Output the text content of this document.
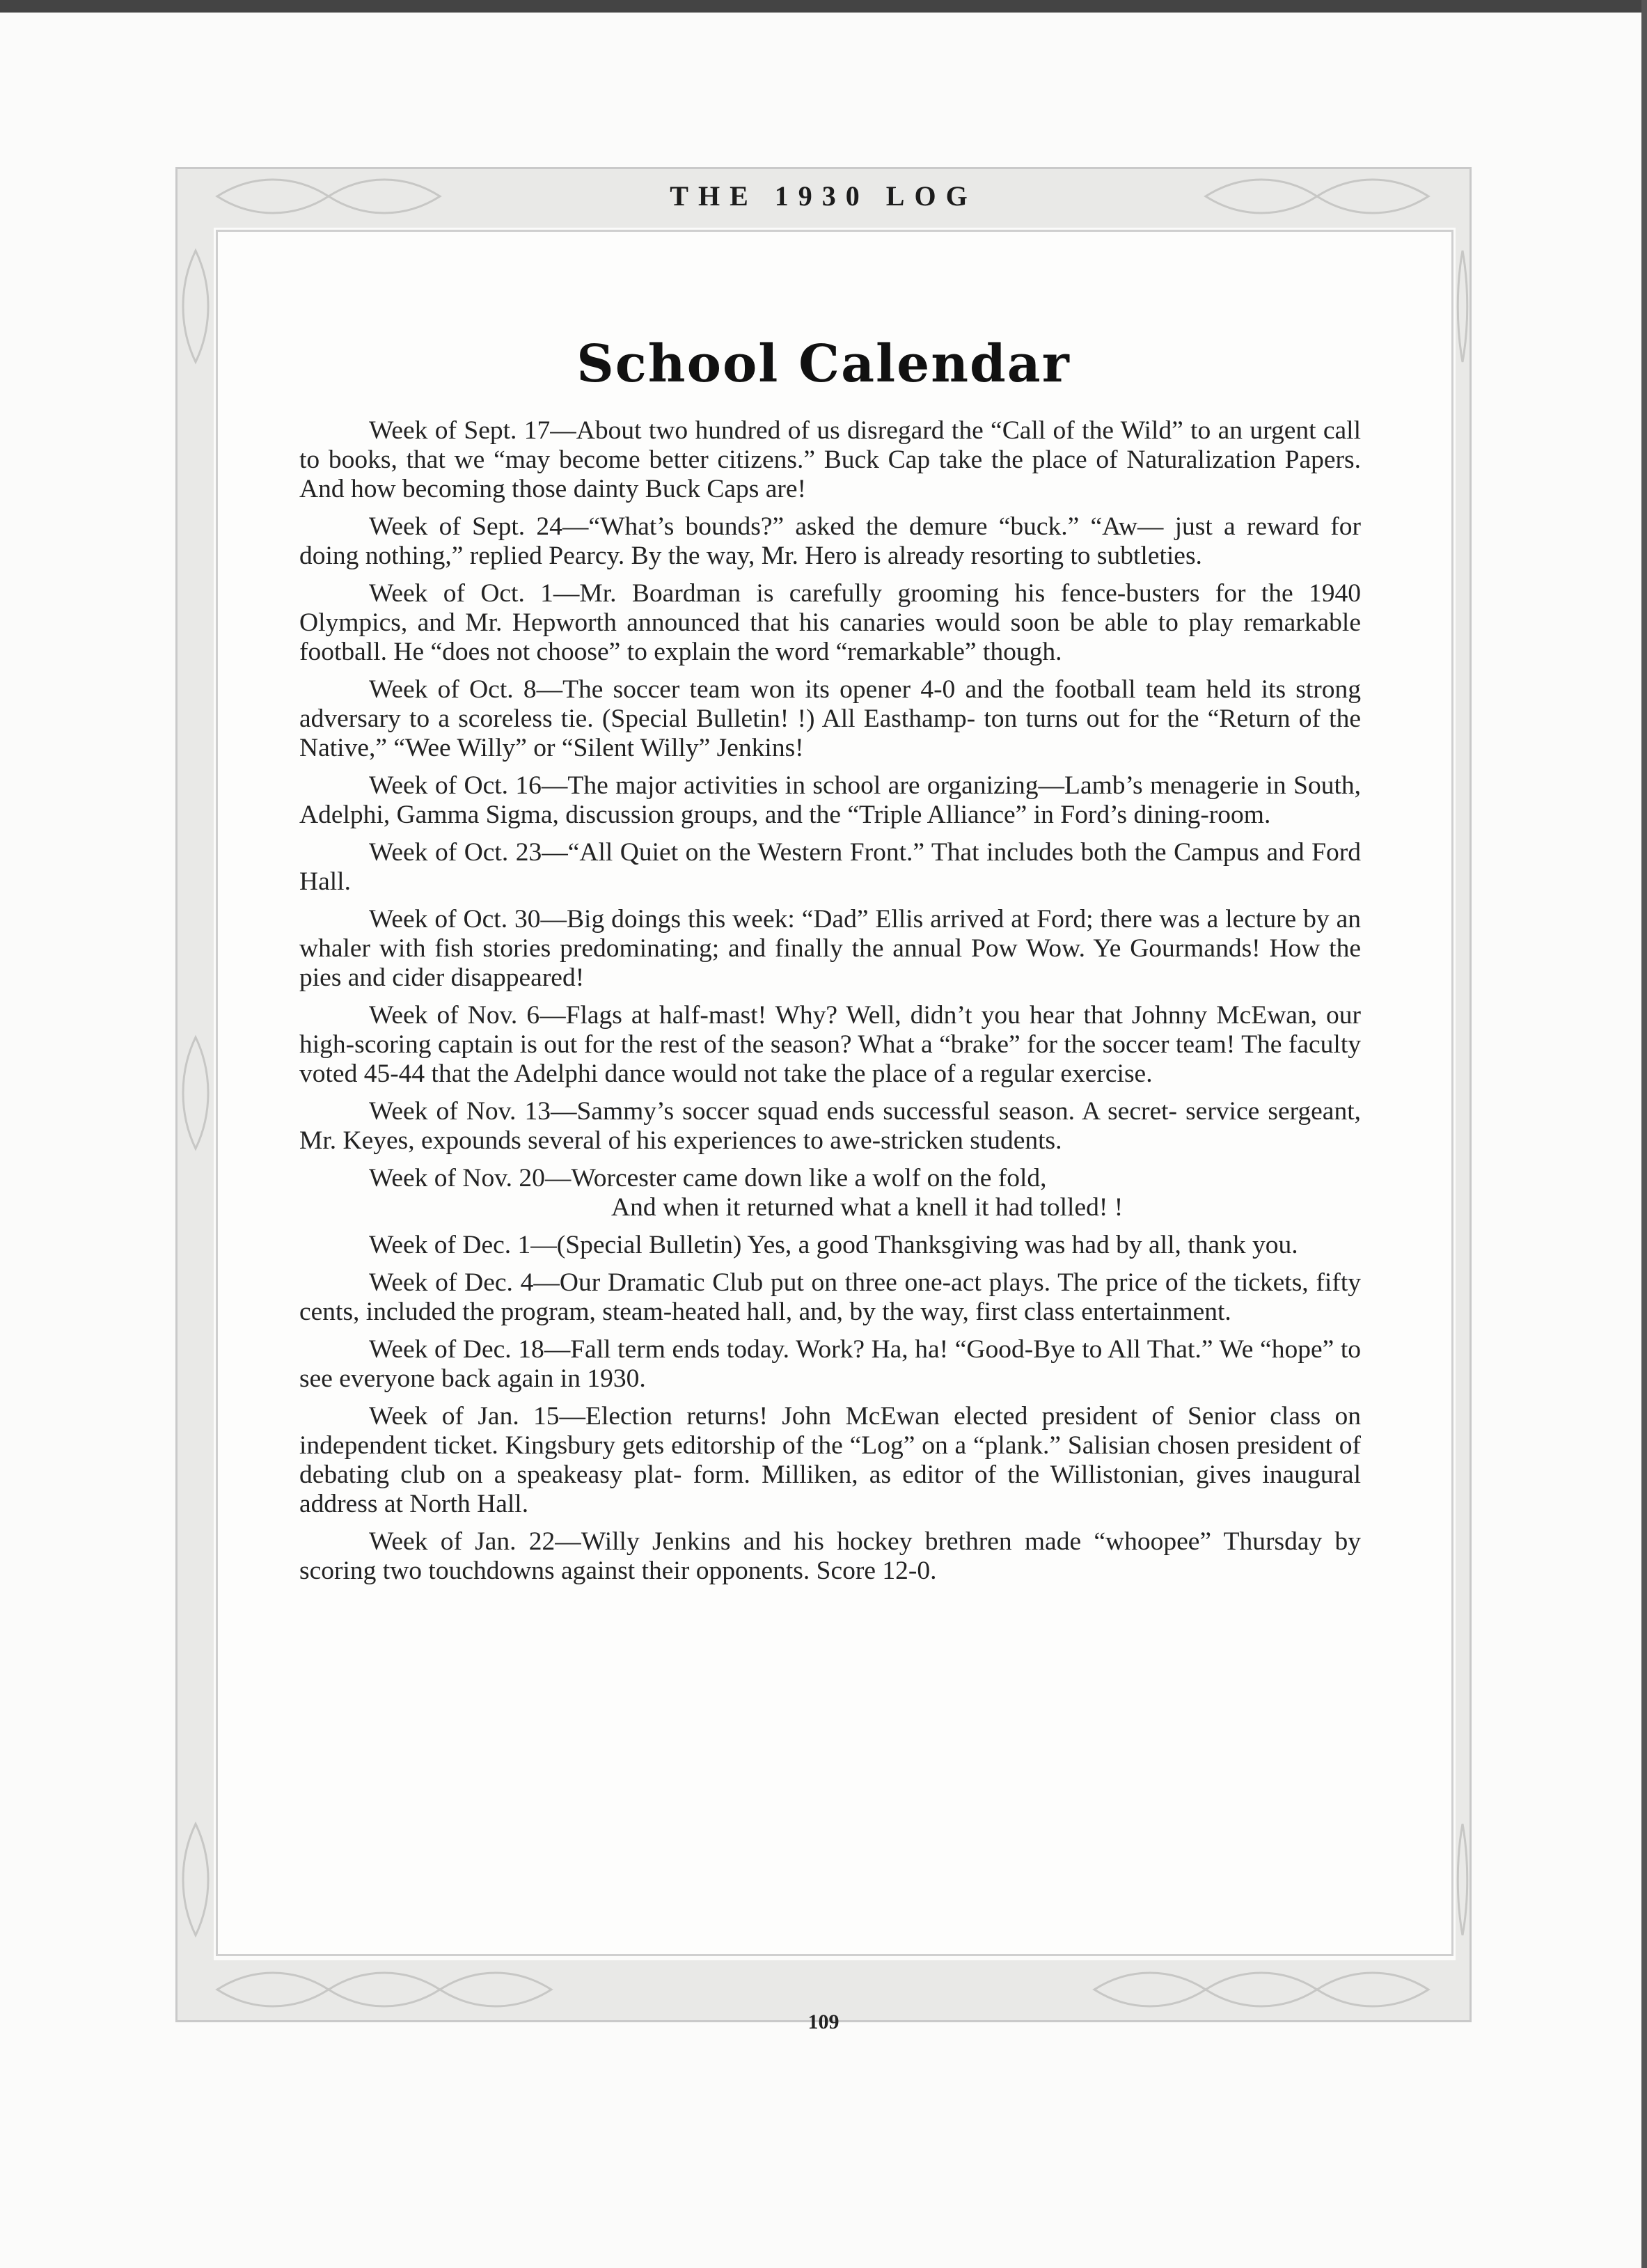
THE 1930 LOG
School Calendar

Week of Sept. 17—About two hundred of us disregard the “Call of the Wild” to an urgent call to books, that we “may become better citizens.” Buck Cap take the place of Naturalization Papers. And how becoming those dainty Buck Caps are!

Week of Sept. 24—“What’s bounds?” asked the demure “buck.” “Aw— just a reward for doing nothing,” replied Pearcy. By the way, Mr. Hero is already resorting to subtleties.

Week of Oct. 1—Mr. Boardman is carefully grooming his fence-busters for the 1940 Olympics, and Mr. Hepworth announced that his canaries would soon be able to play remarkable football. He “does not choose” to explain the word “remarkable” though.

Week of Oct. 8—The soccer team won its opener 4-0 and the football team held its strong adversary to a scoreless tie. (Special Bulletin! !) All Easthamp- ton turns out for the “Return of the Native,” “Wee Willy” or “Silent Willy” Jenkins!

Week of Oct. 16—The major activities in school are organizing—Lamb’s menagerie in South, Adelphi, Gamma Sigma, discussion groups, and the “Triple Alliance” in Ford’s dining-room.

Week of Oct. 23—“All Quiet on the Western Front.” That includes both the Campus and Ford Hall.

Week of Oct. 30—Big doings this week: “Dad” Ellis arrived at Ford; there was a lecture by an whaler with fish stories predominating; and finally the annual Pow Wow. Ye Gourmands! How the pies and cider disappeared!

Week of Nov. 6—Flags at half-mast! Why? Well, didn’t you hear that Johnny McEwan, our high-scoring captain is out for the rest of the season? What a “brake” for the soccer team! The faculty voted 45-44 that the Adelphi dance would not take the place of a regular exercise.

Week of Nov. 13—Sammy’s soccer squad ends successful season. A secret- service sergeant, Mr. Keyes, expounds several of his experiences to awe-stricken students.

Week of Nov. 20—Worcester came down like a wolf on the fold,
And when it returned what a knell it had tolled! !

Week of Dec. 1—(Special Bulletin) Yes, a good Thanksgiving was had by all, thank you.

Week of Dec. 4—Our Dramatic Club put on three one-act plays. The price of the tickets, fifty cents, included the program, steam-heated hall, and, by the way, first class entertainment.

Week of Dec. 18—Fall term ends today. Work? Ha, ha! “Good-Bye to All That.” We “hope” to see everyone back again in 1930.

Week of Jan. 15—Election returns! John McEwan elected president of Senior class on independent ticket. Kingsbury gets editorship of the “Log” on a “plank.” Salisian chosen president of debating club on a speakeasy plat- form. Milliken, as editor of the Willistonian, gives inaugural address at North Hall.

Week of Jan. 22—Willy Jenkins and his hockey brethren made “whoopee” Thursday by scoring two touchdowns against their opponents. Score 12-0.

109
